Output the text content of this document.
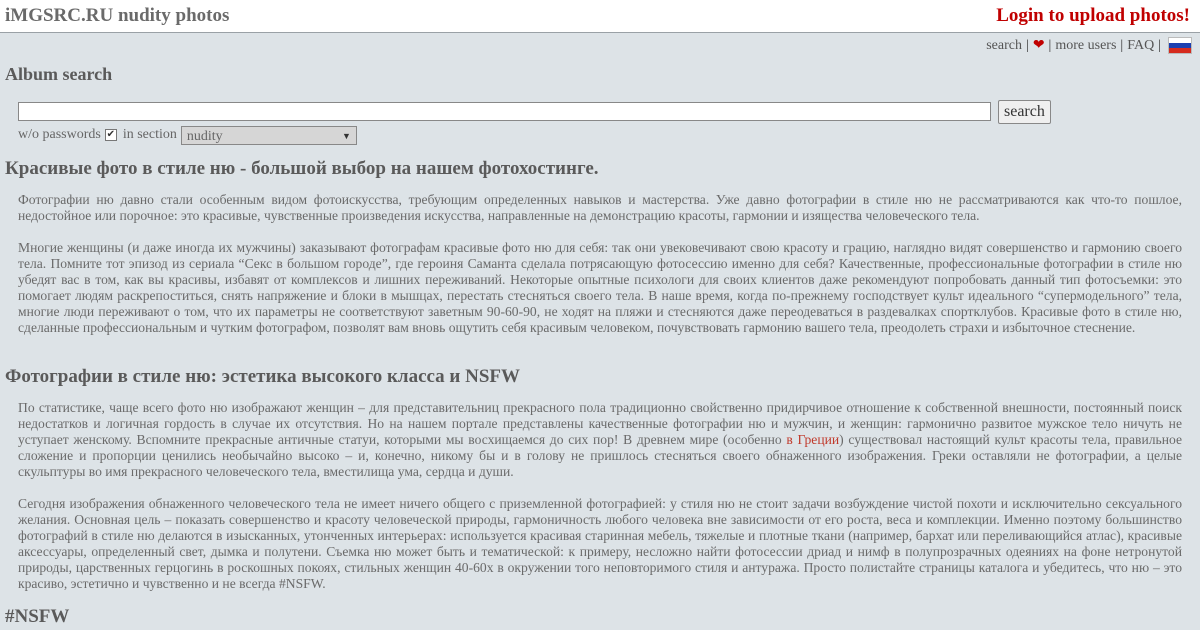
iMGSRC.RU nudity photos	Login to upload photos!
search | ❤ | more users | FAQ |
Album search
search
w/o passwords ✔ in section nudity	▼
Красивые фото в стиле ню - большой выбор на нашем фотохостинге.

Фотографии ню давно стали особенным видом фотоискусства, требующим определенных навыков и мастерства. Уже давно фотографии в стиле ню не рассматриваются как что-то пошлое, недостойное или порочное: это красивые, чувственные произведения искусства, направленные на демонстрацию красоты, гармонии и изящества человеческого тела.

Многие женщины (и даже иногда их мужчины) заказывают фотографам красивые фото ню для себя: так они увековечивают свою красоту и грацию, наглядно видят совершенство и гармонию своего тела. Помните тот эпизод из сериала “Секс в большом городе”, где героиня Саманта сделала потрясающую фотосессию именно для себя? Качественные, профессиональные фотографии в стиле ню убедят вас в том, как вы красивы, избавят от комплексов и лишних переживаний. Некоторые опытные психологи для своих клиентов даже рекомендуют попробовать данный тип фотосъемки: это помогает людям раскрепоститься, снять напряжение и блоки в мышцах, перестать стесняться своего тела. В наше время, когда по-прежнему господствует культ идеального “супермодельного” тела, многие люди переживают о том, что их параметры не соответствуют заветным 90-60-90, не ходят на пляжи и стесняются даже переодеваться в раздевалках спортклубов. Красивые фото в стиле ню, сделанные профессиональным и чутким фотографом, позволят вам вновь ощутить себя красивым человеком, почувствовать гармонию вашего тела, преодолеть страхи и избыточное стеснение.

Фотографии в стиле ню: эстетика высокого класса и NSFW

По статистике, чаще всего фото ню изображают женщин – для представительниц прекрасного пола традиционно свойственно придирчивое отношение к собственной внешности, постоянный поиск недостатков и логичная гордость в случае их отсутствия. Но на нашем портале представлены качественные фотографии ню и мужчин, и женщин: гармонично развитое мужское тело ничуть не уступает женскому. Вспомните прекрасные античные статуи, которыми мы восхищаемся до сих пор! В древнем мире (особенно в Греции) существовал настоящий культ красоты тела, правильное сложение и пропорции ценились необычайно высоко – и, конечно, никому бы и в голову не пришлось стесняться своего обнаженного изображения. Греки оставляли не фотографии, а целые скульптуры во имя прекрасного человеческого тела, вместилища ума, сердца и души.

Сегодня изображения обнаженного человеческого тела не имеет ничего общего с приземленной фотографией: у стиля ню не стоит задачи возбуждение чистой похоти и исключительно сексуального желания. Основная цель – показать совершенство и красоту человеческой природы, гармоничность любого человека вне зависимости от его роста, веса и комплекции. Именно поэтому большинство фотографий в стиле ню делаются в изысканных, утонченных интерьерах: используется красивая старинная мебель, тяжелые и плотные ткани (например, бархат или переливающийся атлас), красивые аксессуары, определенный свет, дымка и полутени. Съемка ню может быть и тематической: к примеру, несложно найти фотосессии дриад и нимф в полупрозрачных одеяниях на фоне нетронутой природы, царственных герцогинь в роскошных покоях, стильных женщин 40-60х в окружении того неповторимого стиля и антуража. Просто полистайте страницы каталога и убедитесь, что ню – это красиво, эстетично и чувственно и не всегда #NSFW.

#NSFW
